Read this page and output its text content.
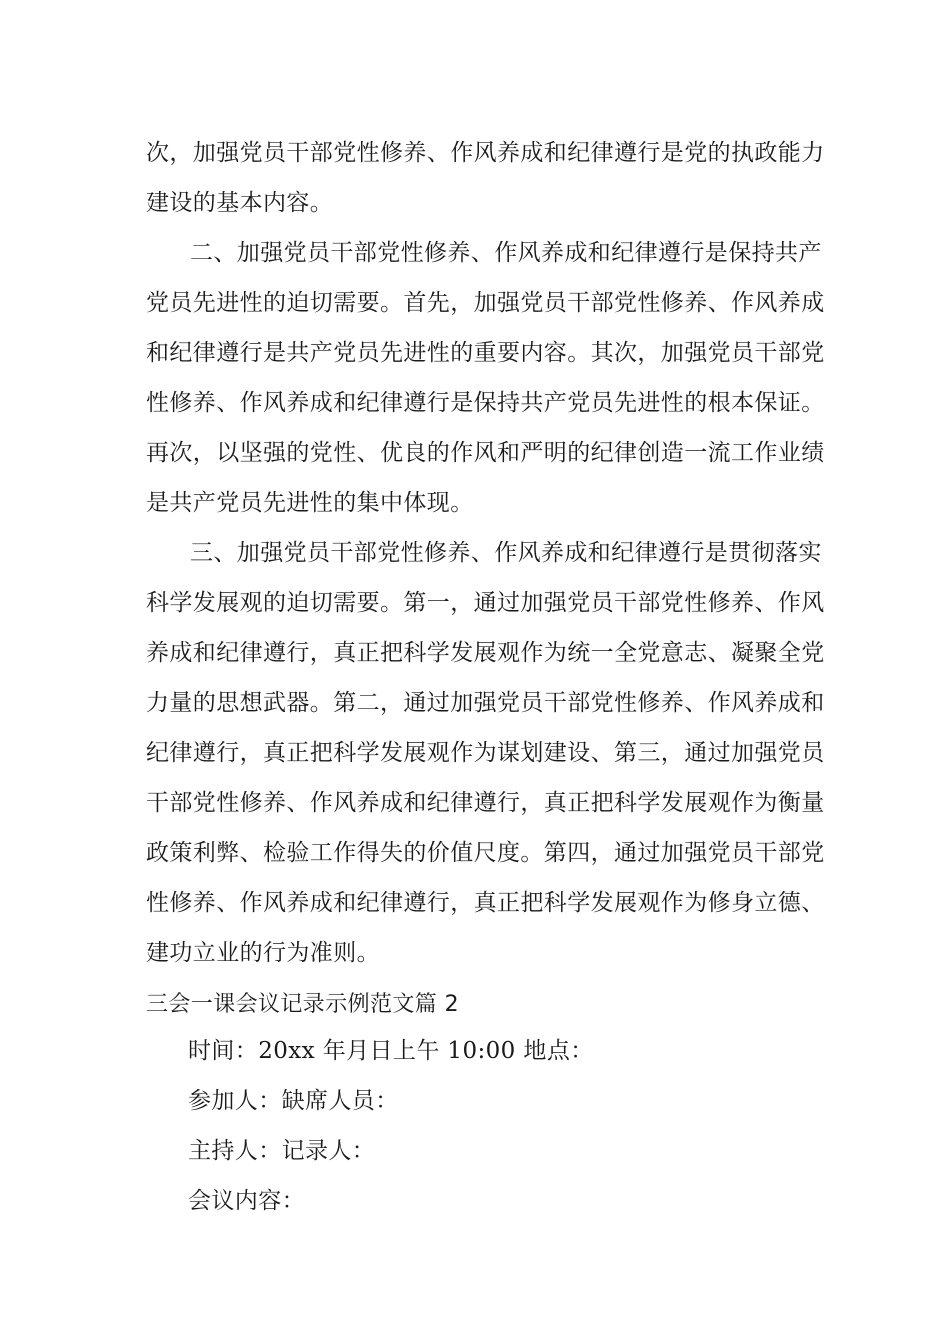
次，加强党员干部党性修养、作风养成和纪律遵行是党的执政能力
建设的基本内容。
二、加强党员干部党性修养、作风养成和纪律遵行是保持共产
党员先进性的迫切需要。首先，加强党员干部党性修养、作风养成
和纪律遵行是共产党员先进性的重要内容。其次，加强党员干部党
性修养、作风养成和纪律遵行是保持共产党员先进性的根本保证。
再次，以坚强的党性、优良的作风和严明的纪律创造一流工作业绩
是共产党员先进性的集中体现。
三、加强党员干部党性修养、作风养成和纪律遵行是贯彻落实
科学发展观的迫切需要。第一，通过加强党员干部党性修养、作风
养成和纪律遵行，真正把科学发展观作为统一全党意志、凝聚全党
力量的思想武器。第二，通过加强党员干部党性修养、作风养成和
纪律遵行，真正把科学发展观作为谋划建设、第三，通过加强党员
干部党性修养、作风养成和纪律遵行，真正把科学发展观作为衡量
政策利弊、检验工作得失的价值尺度。第四，通过加强党员干部党
性修养、作风养成和纪律遵行，真正把科学发展观作为修身立德、
建功立业的行为准则。
三会一课会议记录示例范文篇 2
时间：20xx 年月日上午 10:00 地点：
参加人：缺席人员：
主持人：记录人：
会议内容：
